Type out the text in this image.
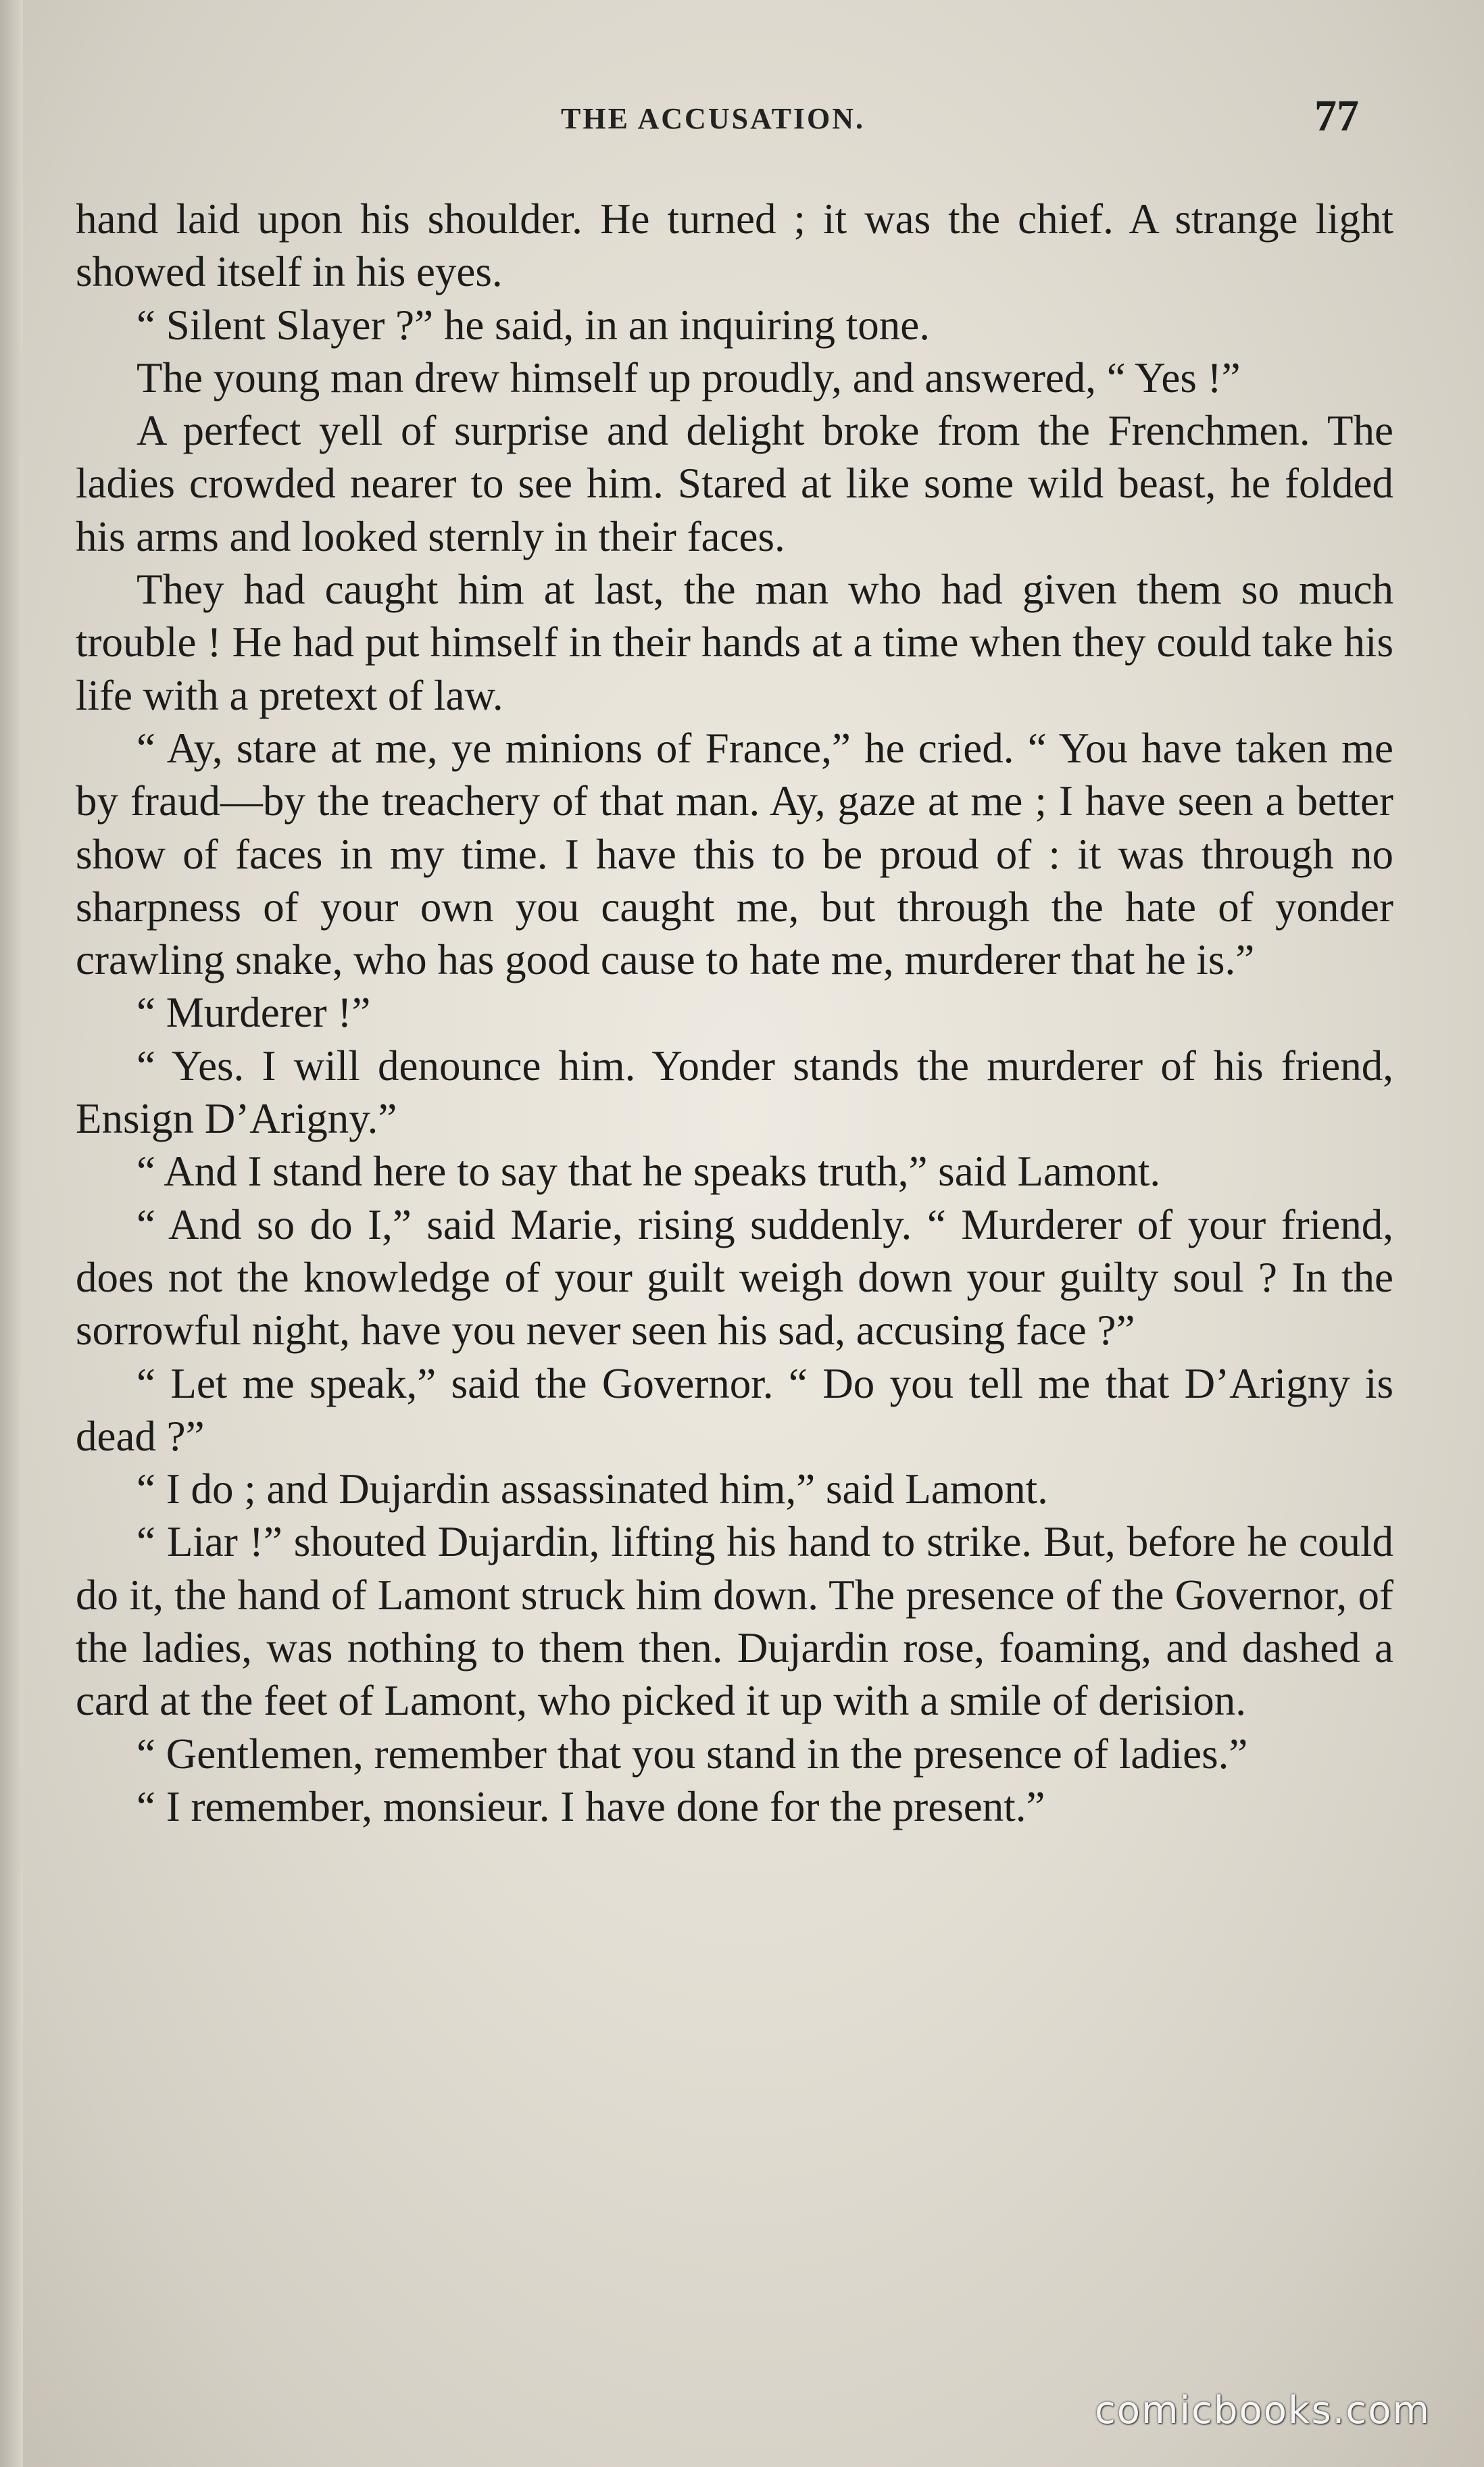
THE ACCUSATION.	77

hand laid upon his shoulder. He turned ; it was the chief. A strange light showed itself in his eyes.

“ Silent Slayer ?” he said, in an inquiring tone.

The young man drew himself up proudly, and answered, “ Yes !”

A perfect yell of surprise and delight broke from the Frenchmen. The ladies crowded nearer to see him. Stared at like some wild beast, he folded his arms and looked sternly in their faces.

They had caught him at last, the man who had given them so much trouble ! He had put himself in their hands at a time when they could take his life with a pretext of law.

“ Ay, stare at me, ye minions of France,” he cried. “ You have taken me by fraud—by the treachery of that man. Ay, gaze at me ; I have seen a better show of faces in my time. I have this to be proud of : it was through no sharpness of your own you caught me, but through the hate of yonder crawling snake, who has good cause to hate me, murderer that he is.”

“ Murderer !”

“ Yes. I will denounce him. Yonder stands the murderer of his friend, Ensign D’Arigny.”

“ And I stand here to say that he speaks truth,” said Lamont.

“ And so do I,” said Marie, rising suddenly. “ Murderer of your friend, does not the knowledge of your guilt weigh down your guilty soul ? In the sorrowful night, have you never seen his sad, accusing face ?”

“ Let me speak,” said the Governor. “ Do you tell me that D’Arigny is dead ?”

“ I do ; and Dujardin assassinated him,” said Lamont.

“ Liar !” shouted Dujardin, lifting his hand to strike. But, before he could do it, the hand of Lamont struck him down. The presence of the Governor, of the ladies, was nothing to them then. Dujardin rose, foaming, and dashed a card at the feet of Lamont, who picked it up with a smile of derision.

“ Gentlemen, remember that you stand in the presence of ladies.”

“ I remember, monsieur. I have done for the present.”

comicbooks.com
